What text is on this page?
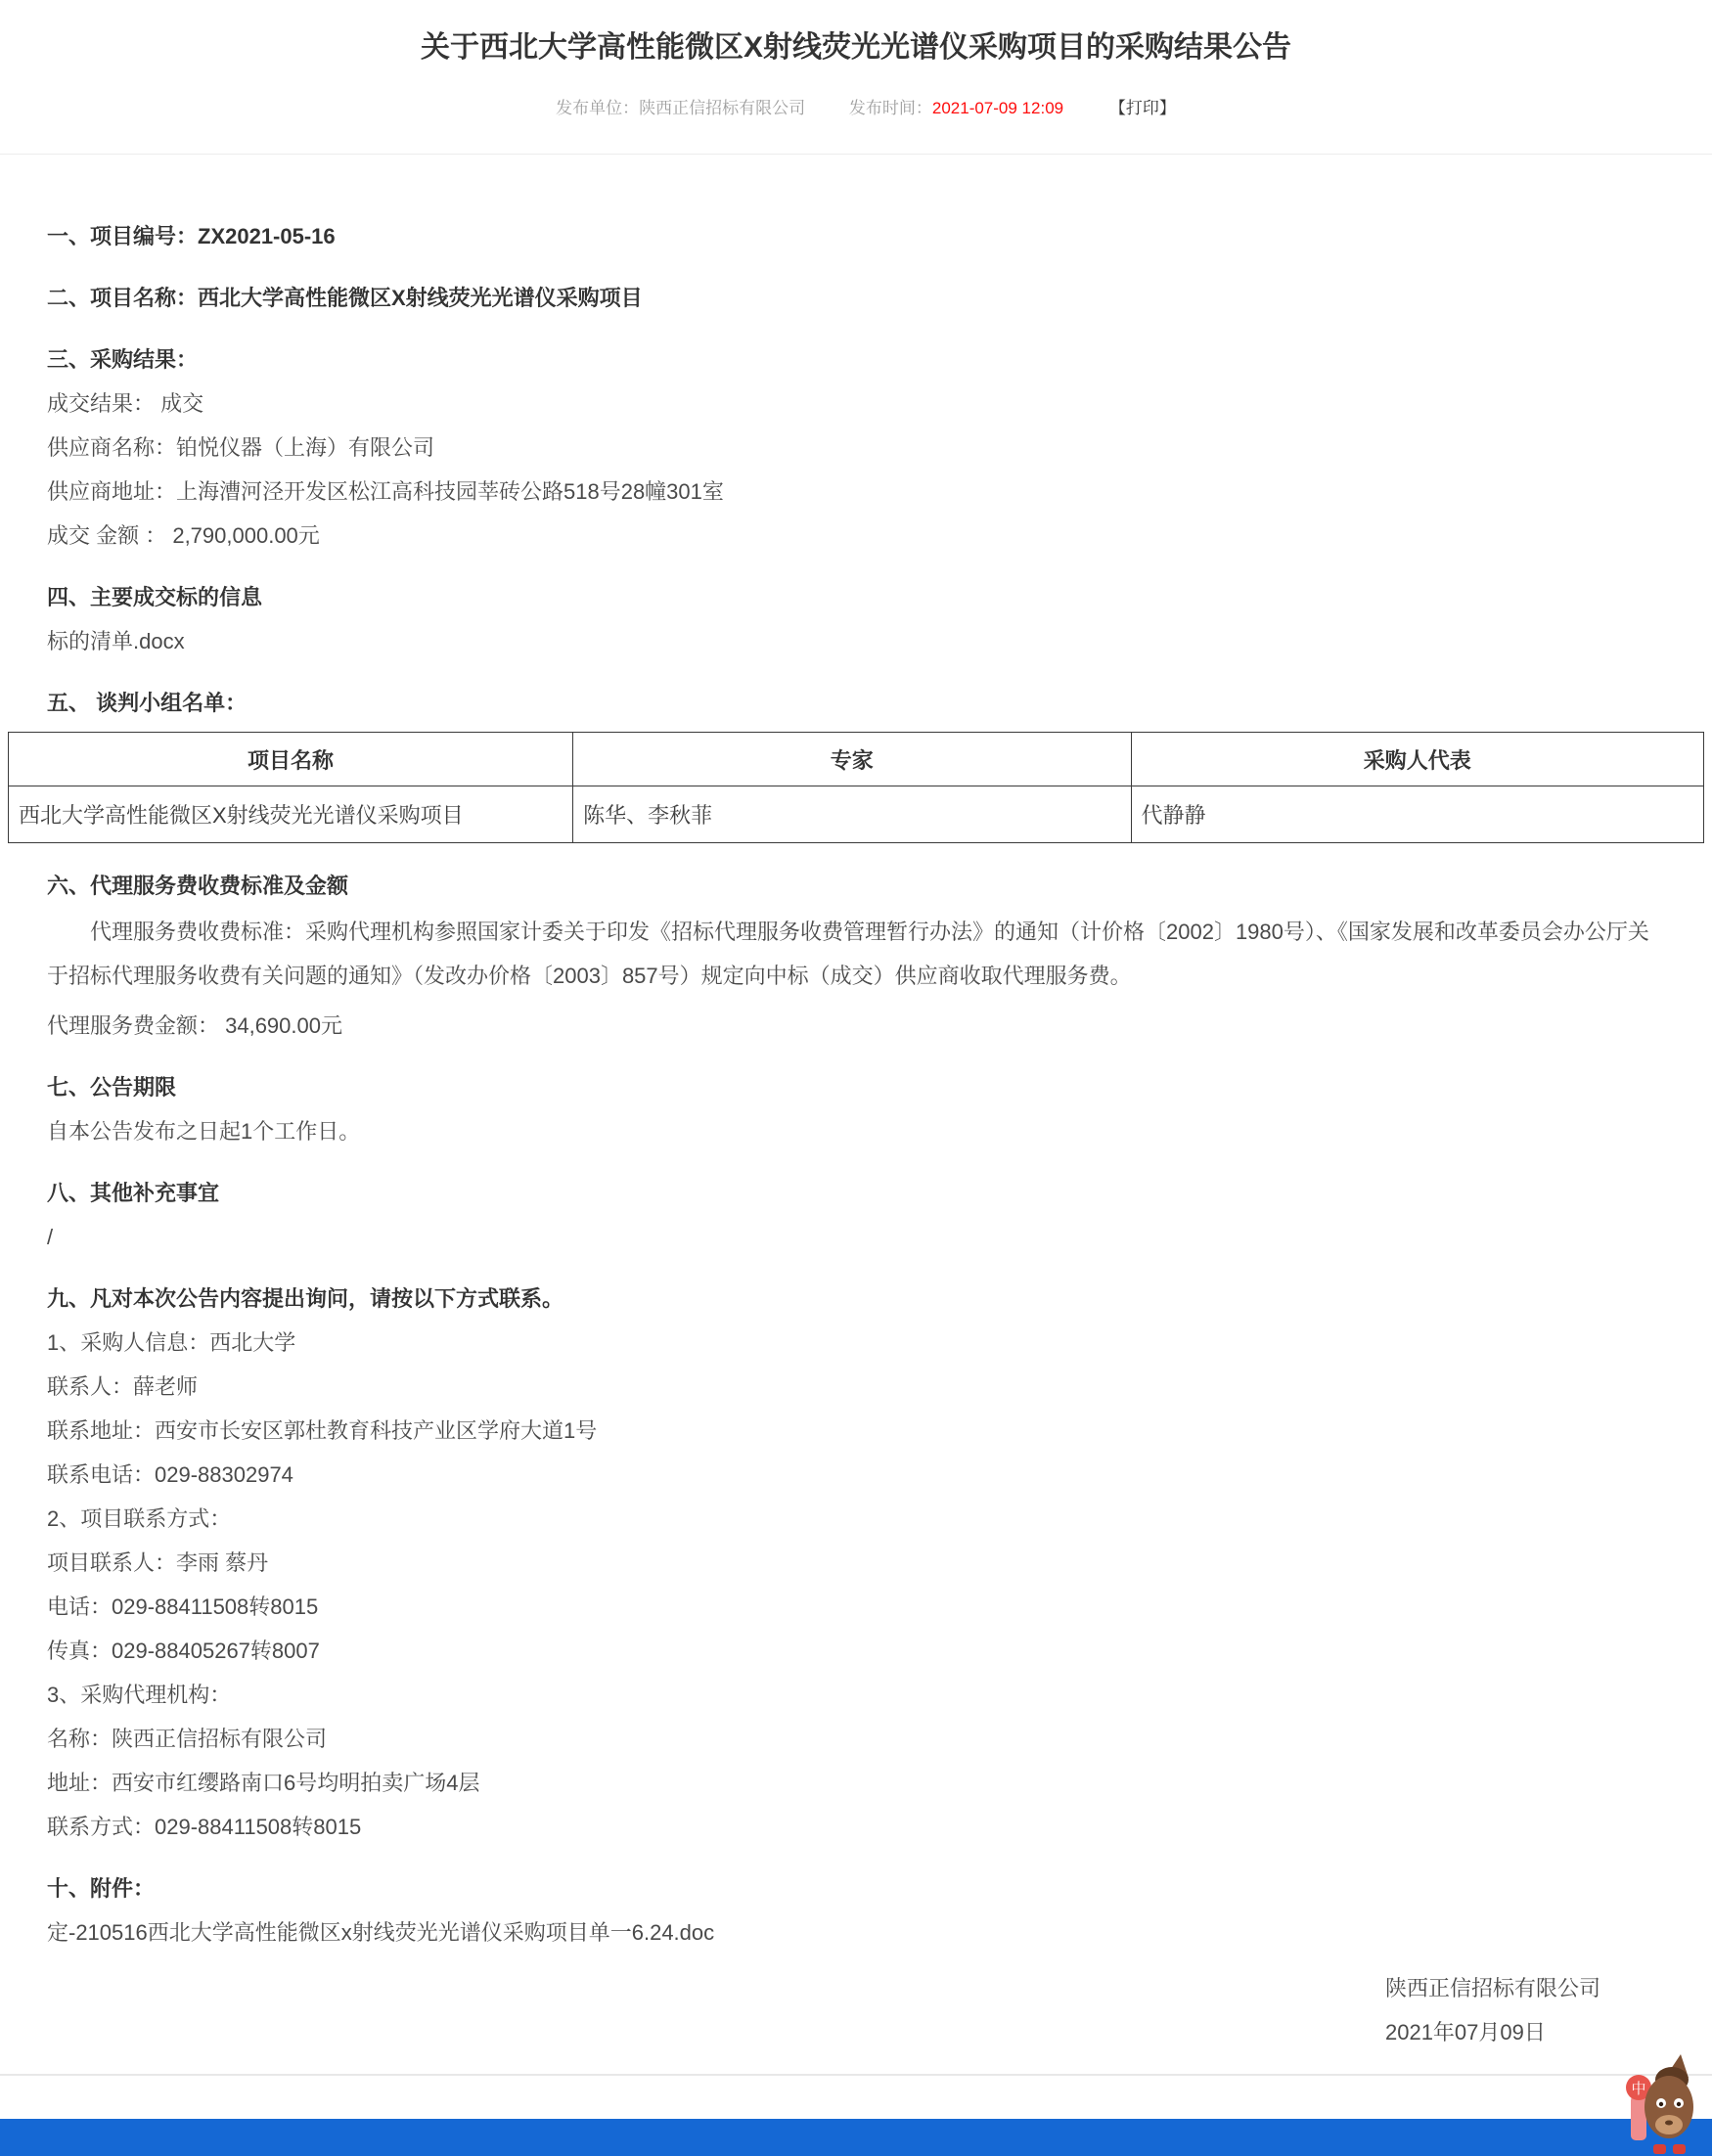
关于西北大学高性能微区X射线荧光光谱仪采购项目的采购结果公告
发布单位：陕西正信招标有限公司	发布时间：2021-07-09 12:09	【打印】
一、项目编号：ZX2021-05-16
二、项目名称：西北大学高性能微区X射线荧光光谱仪采购项目
三、采购结果：

成交结果： 成交

供应商名称：铂悦仪器（上海）有限公司

供应商地址：上海漕河泾开发区松江高科技园莘砖公路518号28幢301室

成交 金额 ： 2,790,000.00元

四、主要成交标的信息

标的清单.docx

五、 谈判小组名单：
项目名称	专家	采购人代表
西北大学高性能微区X射线荧光光谱仪采购项目	陈华、李秋菲	代静静
六、代理服务费收费标准及金额

代理服务费收费标准：采购代理机构参照国家计委关于印发《招标代理服务收费管理暂行办法》的通知（计价格〔2002〕1980号）、《国家发展和改革委员会办公厅关于招标代理服务收费有关问题的通知》（发改办价格〔2003〕857号）规定向中标（成交）供应商收取代理服务费。

代理服务费金额： 34,690.00元

七、公告期限

自本公告发布之日起1个工作日。

八、其他补充事宜

/

九、凡对本次公告内容提出询问，请按以下方式联系。

1、采购人信息：西北大学

联系人：薛老师

联系地址：西安市长安区郭杜教育科技产业区学府大道1号

联系电话：029-88302974

2、项目联系方式：

项目联系人：李雨 蔡丹

电话：029-88411508转8015

传真：029-88405267转8007

3、采购代理机构：

名称：陕西正信招标有限公司

地址：西安市红缨路南口6号均明拍卖广场4层

联系方式：029-88411508转8015

十、附件：

定-210516西北大学高性能微区x射线荧光光谱仪采购项目单一6.24.doc

陕西正信招标有限公司
2021年07月09日
中
